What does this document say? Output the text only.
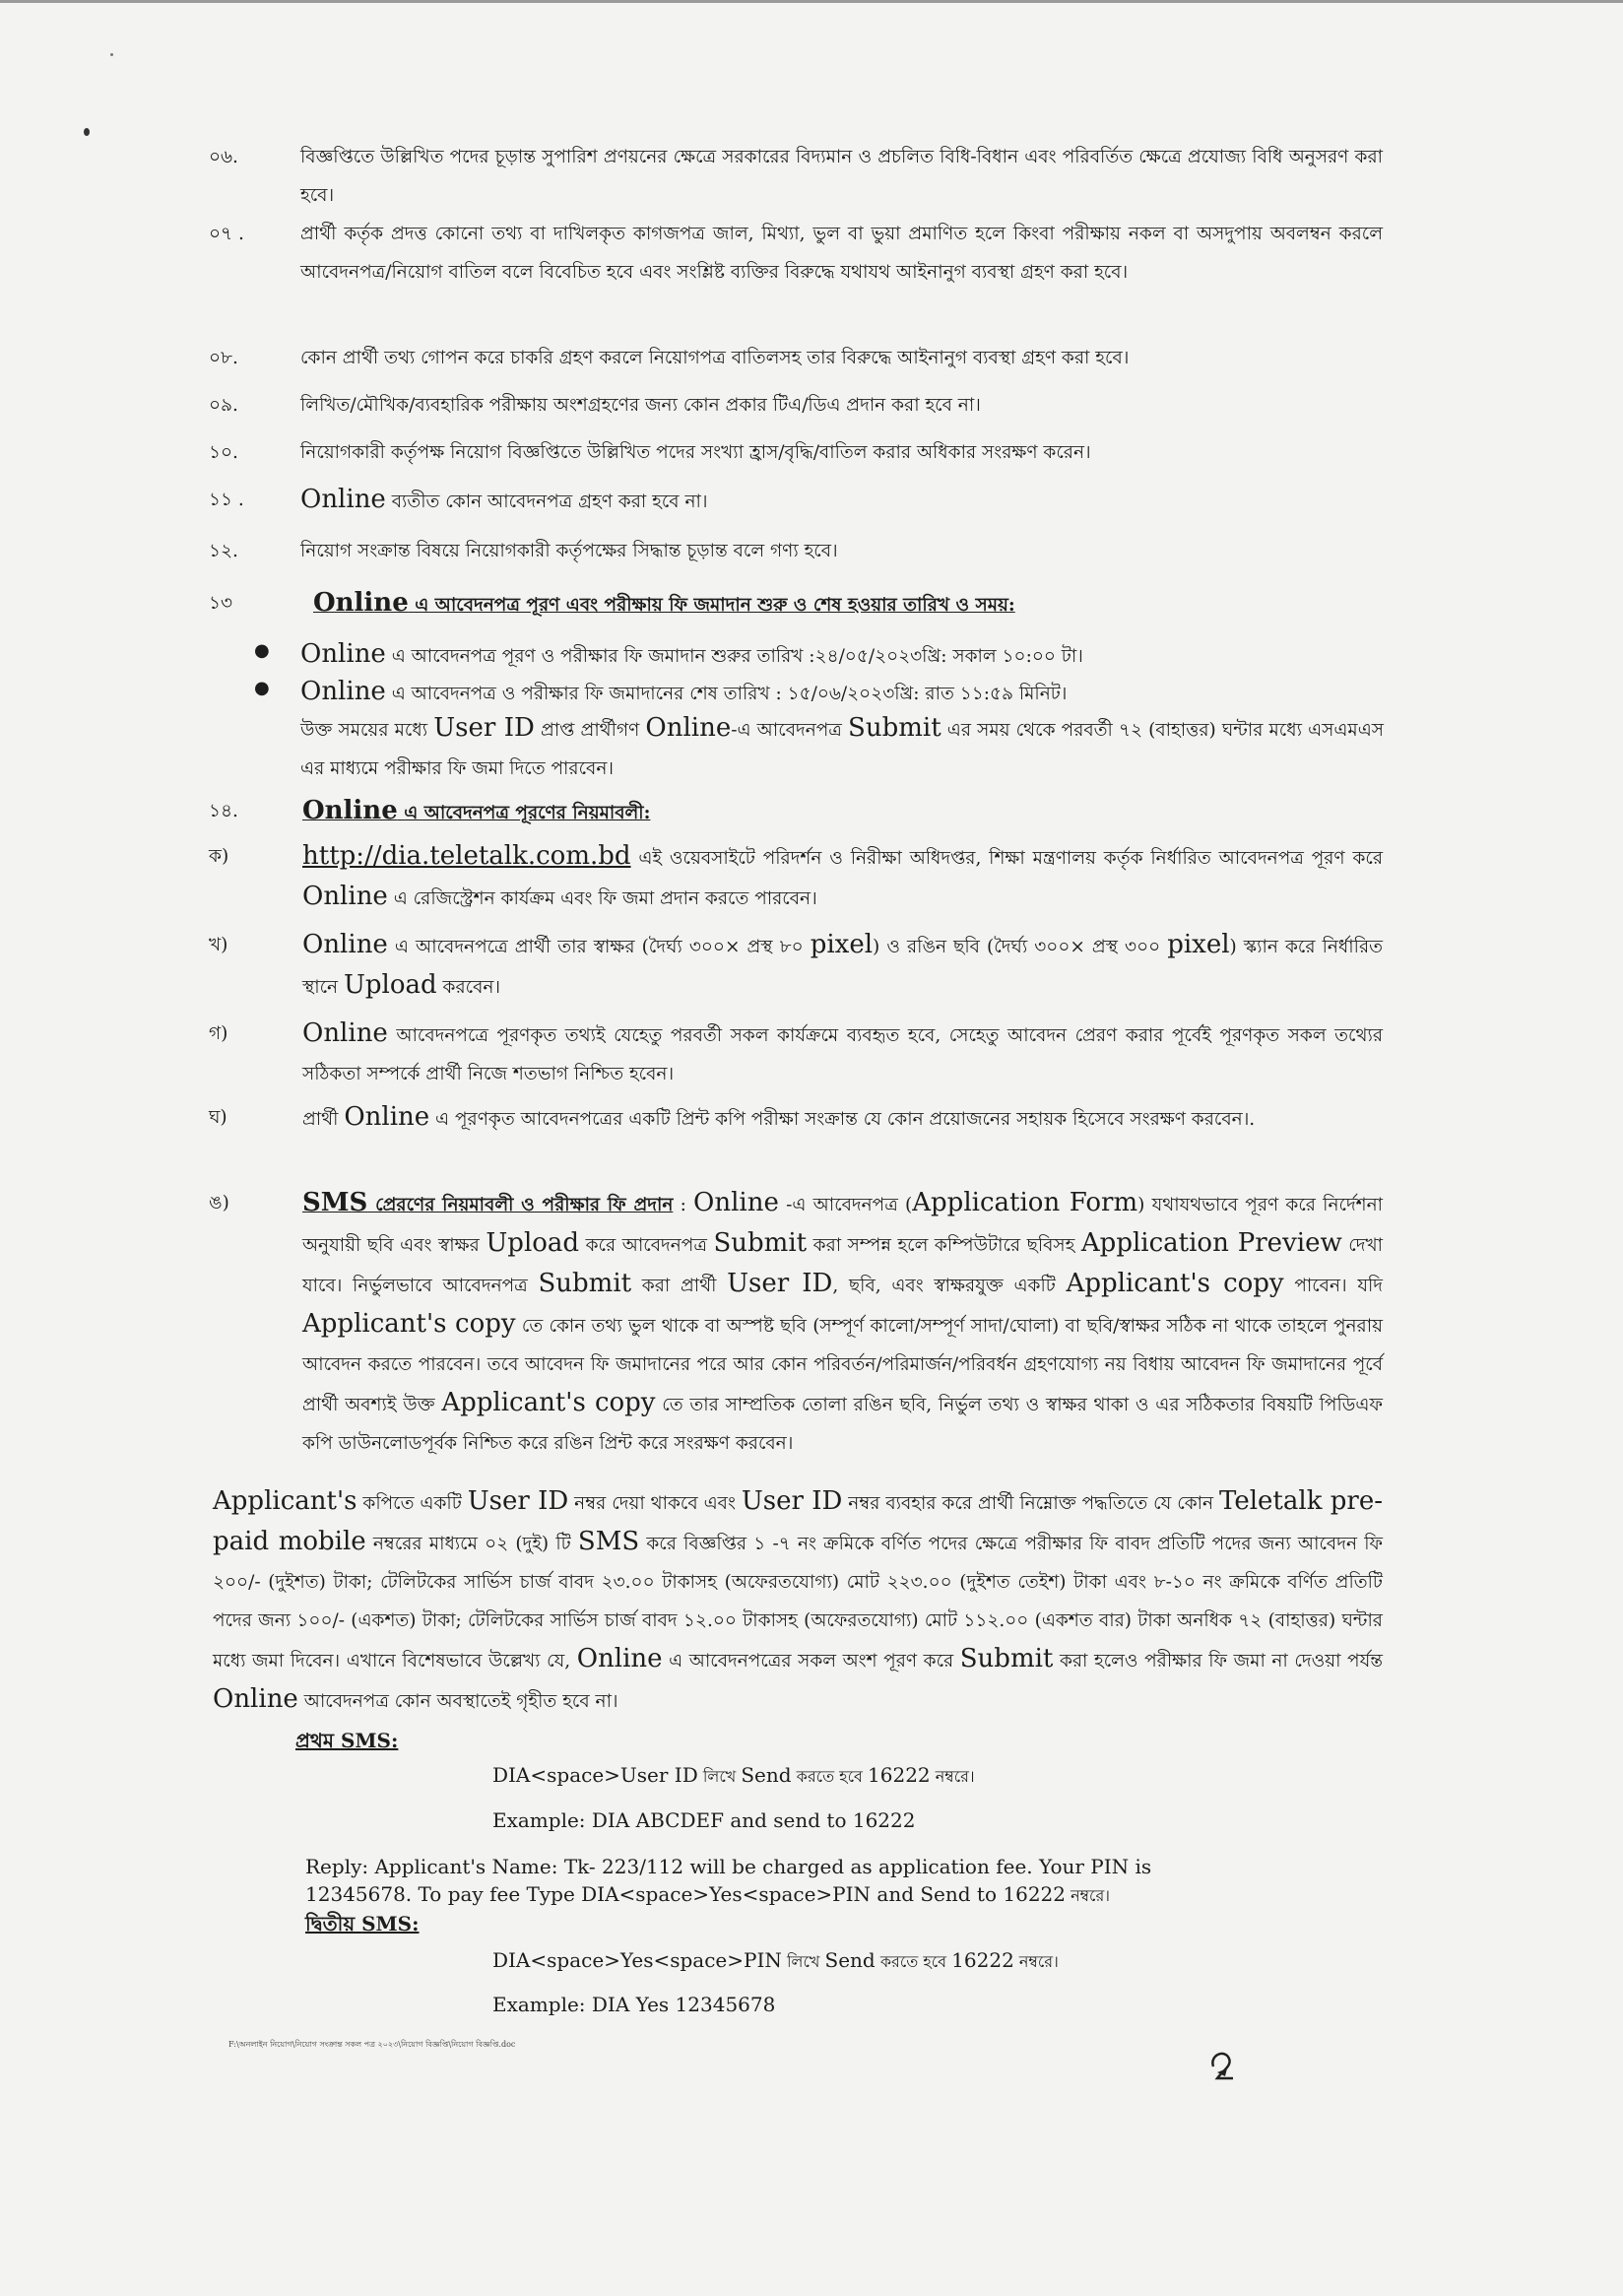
০৬.	বিজ্ঞপ্তিতে উল্লিখিত পদের চূড়ান্ত সুপারিশ প্রণয়নের ক্ষেত্রে সরকারের বিদ্যমান ও প্রচলিত বিধি-বিধান এবং পরিবর্তিত ক্ষেত্রে প্রযোজ্য বিধি অনুসরণ করা হবে।
০৭ .	প্রার্থী কর্তৃক প্রদত্ত কোনো তথ্য বা দাখিলকৃত কাগজপত্র জাল, মিথ্যা, ভুল বা ভুয়া প্রমাণিত হলে কিংবা পরীক্ষায় নকল বা অসদুপায় অবলম্বন করলে আবেদনপত্র/নিয়োগ বাতিল বলে বিবেচিত হবে এবং সংশ্লিষ্ট ব্যক্তির বিরুদ্ধে যথাযথ আইনানুগ ব্যবস্থা গ্রহণ করা হবে।
০৮.	কোন প্রার্থী তথ্য গোপন করে চাকরি গ্রহণ করলে নিয়োগপত্র বাতিলসহ তার বিরুদ্ধে আইনানুগ ব্যবস্থা গ্রহণ করা হবে।
০৯.	লিখিত/মৌখিক/ব্যবহারিক পরীক্ষায় অংশগ্রহণের জন্য কোন প্রকার টিএ/ডিএ প্রদান করা হবে না।
১০.	নিয়োগকারী কর্তৃপক্ষ নিয়োগ বিজ্ঞপ্তিতে উল্লিখিত পদের সংখ্যা হ্রাস/বৃদ্ধি/বাতিল করার অধিকার সংরক্ষণ করেন।
১১ .	Online ব্যতীত কোন আবেদনপত্র গ্রহণ করা হবে না।
১২.	নিয়োগ সংক্রান্ত বিষয়ে নিয়োগকারী কর্তৃপক্ষের সিদ্ধান্ত চূড়ান্ত বলে গণ্য হবে।
১৩	Online এ আবেদনপত্র পূরণ এবং পরীক্ষায় ফি জমাদান শুরু ও শেষ হওয়ার তারিখ ও সময়:
● Online এ আবেদনপত্র পূরণ ও পরীক্ষার ফি জমাদান শুরুর তারিখ :২৪/০৫/২০২৩খ্রি: সকাল ১০:০০ টা।
● Online এ আবেদনপত্র ও পরীক্ষার ফি জমাদানের শেষ তারিখ : ১৫/০৬/২০২৩খ্রি: রাত ১১:৫৯ মিনিট।
উক্ত সময়ের মধ্যে User ID প্রাপ্ত প্রার্থীগণ Online-এ আবেদনপত্র Submit এর সময় থেকে পরবর্তী ৭২ (বাহাত্তর) ঘন্টার মধ্যে এসএমএস এর মাধ্যমে পরীক্ষার ফি জমা দিতে পারবেন।
১৪.	Online এ আবেদনপত্র পূরণের নিয়মাবলী:
ক)	http://dia.teletalk.com.bd এই ওয়েবসাইটে পরিদর্শন ও নিরীক্ষা অধিদপ্তর, শিক্ষা মন্ত্রণালয় কর্তৃক নির্ধারিত আবেদনপত্র পূরণ করে Online এ রেজিস্ট্রেশন কার্যক্রম এবং ফি জমা প্রদান করতে পারবেন।
খ)	Online এ আবেদনপত্রে প্রার্থী তার স্বাক্ষর (দৈর্ঘ্য ৩০০× প্রস্থ ৮০ pixel) ও রঙিন ছবি (দৈর্ঘ্য ৩০০× প্রস্থ ৩০০ pixel) স্ক্যান করে নির্ধারিত স্থানে Upload করবেন।
গ)	Online আবেদনপত্রে পূরণকৃত তথ্যই যেহেতু পরবর্তী সকল কার্যক্রমে ব্যবহৃত হবে, সেহেতু আবেদন প্রেরণ করার পূর্বেই পূরণকৃত সকল তথ্যের সঠিকতা সম্পর্কে প্রার্থী নিজে শতভাগ নিশ্চিত হবেন।
ঘ)	প্রার্থী Online এ পূরণকৃত আবেদনপত্রের একটি প্রিন্ট কপি পরীক্ষা সংক্রান্ত যে কোন প্রয়োজনের সহায়ক হিসেবে সংরক্ষণ করবেন।.
ঙ)	SMS প্রেরণের নিয়মাবলী ও পরীক্ষার ফি প্রদান : Online -এ আবেদনপত্র (Application Form) যথাযথভাবে পূরণ করে নির্দেশনা অনুযায়ী ছবি এবং স্বাক্ষর Upload করে আবেদনপত্র Submit করা সম্পন্ন হলে কম্পিউটারে ছবিসহ Application Preview দেখা যাবে। নির্ভুলভাবে আবেদনপত্র Submit করা প্রার্থী User ID, ছবি, এবং স্বাক্ষরযুক্ত একটি Applicant's copy পাবেন। যদি Applicant's copy তে কোন তথ্য ভুল থাকে বা অস্পষ্ট ছবি (সম্পূর্ণ কালো/সম্পূর্ণ সাদা/ঘোলা) বা ছবি/স্বাক্ষর সঠিক না থাকে তাহলে পুনরায় আবেদন করতে পারবেন। তবে আবেদন ফি জমাদানের পরে আর কোন পরিবর্তন/পরিমার্জন/পরিবর্ধন গ্রহণযোগ্য নয় বিধায় আবেদন ফি জমাদানের পূর্বে প্রার্থী অবশ্যই উক্ত Applicant's copy তে তার সাম্প্রতিক তোলা রঙিন ছবি, নির্ভুল তথ্য ও স্বাক্ষর থাকা ও এর সঠিকতার বিষয়টি পিডিএফ কপি ডাউনলোডপূর্বক নিশ্চিত করে রঙিন প্রিন্ট করে সংরক্ষণ করবেন।
Applicant's কপিতে একটি User ID নম্বর দেয়া থাকবে এবং User ID নম্বর ব্যবহার করে প্রার্থী নিম্নোক্ত পদ্ধতিতে যে কোন Teletalk pre-paid mobile নম্বরের মাধ্যমে ০২ (দুই) টি SMS করে বিজ্ঞপ্তির ১ -৭ নং ক্রমিকে বর্ণিত পদের ক্ষেত্রে পরীক্ষার ফি বাবদ প্রতিটি পদের জন্য আবেদন ফি ২০০/- (দুইশত) টাকা; টেলিটকের সার্ভিস চার্জ বাবদ ২৩.০০ টাকাসহ (অফেরতযোগ্য) মোট ২২৩.০০ (দুইশত তেইশ) টাকা এবং ৮-১০ নং ক্রমিকে বর্ণিত প্রতিটি পদের জন্য ১০০/- (একশত) টাকা; টেলিটকের সার্ভিস চার্জ বাবদ ১২.০০ টাকাসহ (অফেরতযোগ্য) মোট ১১২.০০ (একশত বার) টাকা অনধিক ৭২ (বাহাত্তর) ঘন্টার মধ্যে জমা দিবেন। এখানে বিশেষভাবে উল্লেখ্য যে, Online এ আবেদনপত্রের সকল অংশ পূরণ করে Submit করা হলেও পরীক্ষার ফি জমা না দেওয়া পর্যন্ত Online আবেদনপত্র কোন অবস্থাতেই গৃহীত হবে না।
প্রথম SMS:
DIA<space>User ID লিখে Send করতে হবে 16222 নম্বরে।
Example: DIA ABCDEF and send to 16222
Reply: Applicant's Name: Tk- 223/112 will be charged as application fee. Your PIN is
12345678. To pay fee Type DIA<space>Yes<space>PIN and Send to 16222 নম্বরে।
দ্বিতীয় SMS:
DIA<space>Yes<space>PIN লিখে Send করতে হবে 16222 নম্বরে।
Example: DIA Yes 12345678
F:\অনলাইন নিয়োগ\নিয়োগ সংক্রান্ত সকল পত্র ২০২৩\নিয়োগ বিজ্ঞপ্তি\নিয়োগ বিজ্ঞপ্তি.doc
